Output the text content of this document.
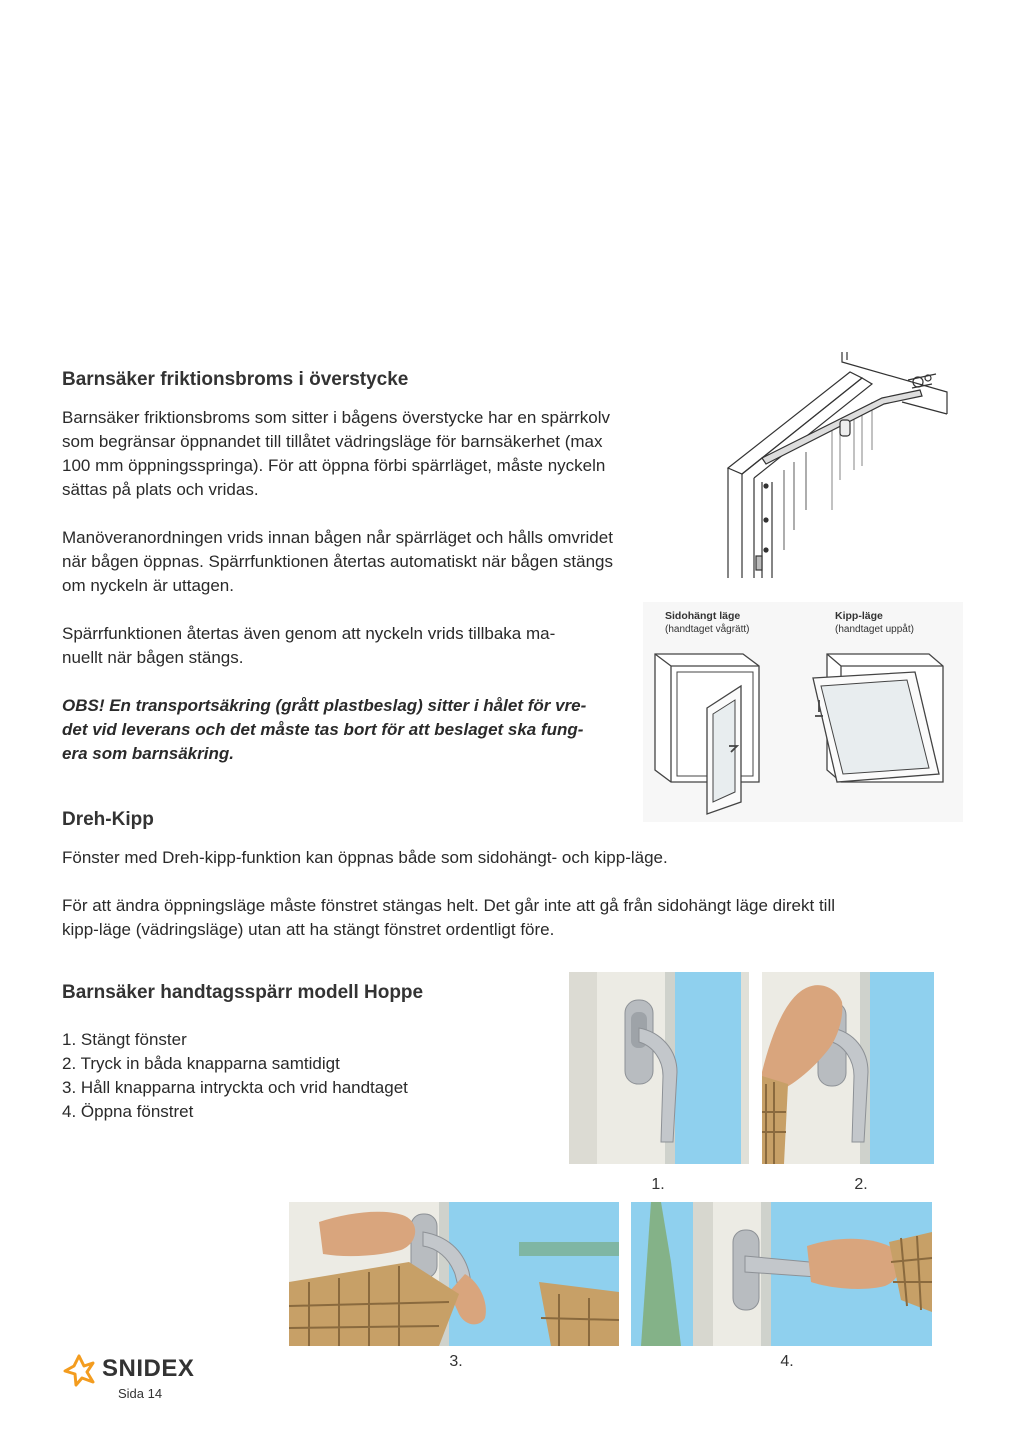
Barnsäker friktionsbroms i överstycke
Barnsäker friktionsbroms som sitter i bågens överstycke har en spärrkolv
som begränsar öppnandet till tillåtet vädringsläge för barnsäkerhet (max
100 mm öppningsspringa). För att öppna förbi spärrläget, måste nyckeln
sättas på plats och vridas.
Manöveranordningen vrids innan bågen når spärrläget och hålls omvridet
när bågen öppnas. Spärrfunktionen återtas automatiskt när bågen stängs
om nyckeln är uttagen.
Spärrfunktionen återtas även genom att nyckeln vrids tillbaka ma-
nuellt när bågen stängs.
OBS! En transportsäkring (grått plastbeslag) sitter i hålet för vre-
det vid leverans och det måste tas bort för att beslaget ska fung-
era som barnsäkring.
Sidohängt läge
(handtaget vågrätt)
Kipp-läge
(handtaget uppåt)
Dreh-Kipp
Fönster med Dreh-kipp-funktion kan öppnas både som sidohängt- och kipp-läge.
För att ändra öppningsläge måste fönstret stängas helt. Det går inte att gå från sidohängt läge direkt till
kipp-läge (vädringsläge) utan att ha stängt fönstret ordentligt före.
Barnsäker handtagsspärr modell Hoppe
1. Stängt fönster
2. Tryck in båda knapparna samtidigt
3. Håll knapparna intryckta och vrid handtaget
4. Öppna fönstret
1.	2.
3.	4.
SNIDEX
Sida 14
